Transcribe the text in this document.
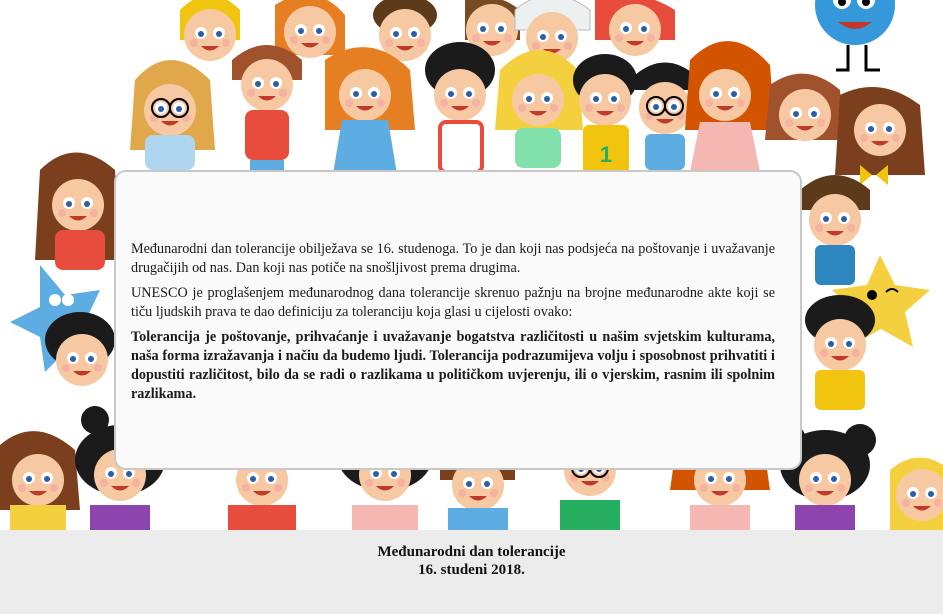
1

Međunarodni dan tolerancije obilježava se 16. studenoga. To je dan koji nas podsjeća na poštovanje i uvažavanje drugačijih od nas. Dan koji nas potiče na snošljivost prema drugima.

UNESCO je proglašenjem međunarodnog dana tolerancije skrenuo pažnju na brojne međunarodne akte koji se tiču ljudskih prava te dao definiciju za toleranciju koja glasi u cijelosti ovako:

Tolerancija je poštovanje, prihvaćanje i uvažavanje bogatstva različitosti u našim svjetskim kulturama, naša forma izražavanja i načiu da budemo ljudi. Tolerancija podrazumijeva volju i sposobnost prihvatiti i dopustiti različitost, bilo da se radi o razlikama u političkom uvjerenju, ili o vjerskim, rasnim ili spolnim razlikama.

Međunarodni dan tolerancije
16. studeni 2018.
